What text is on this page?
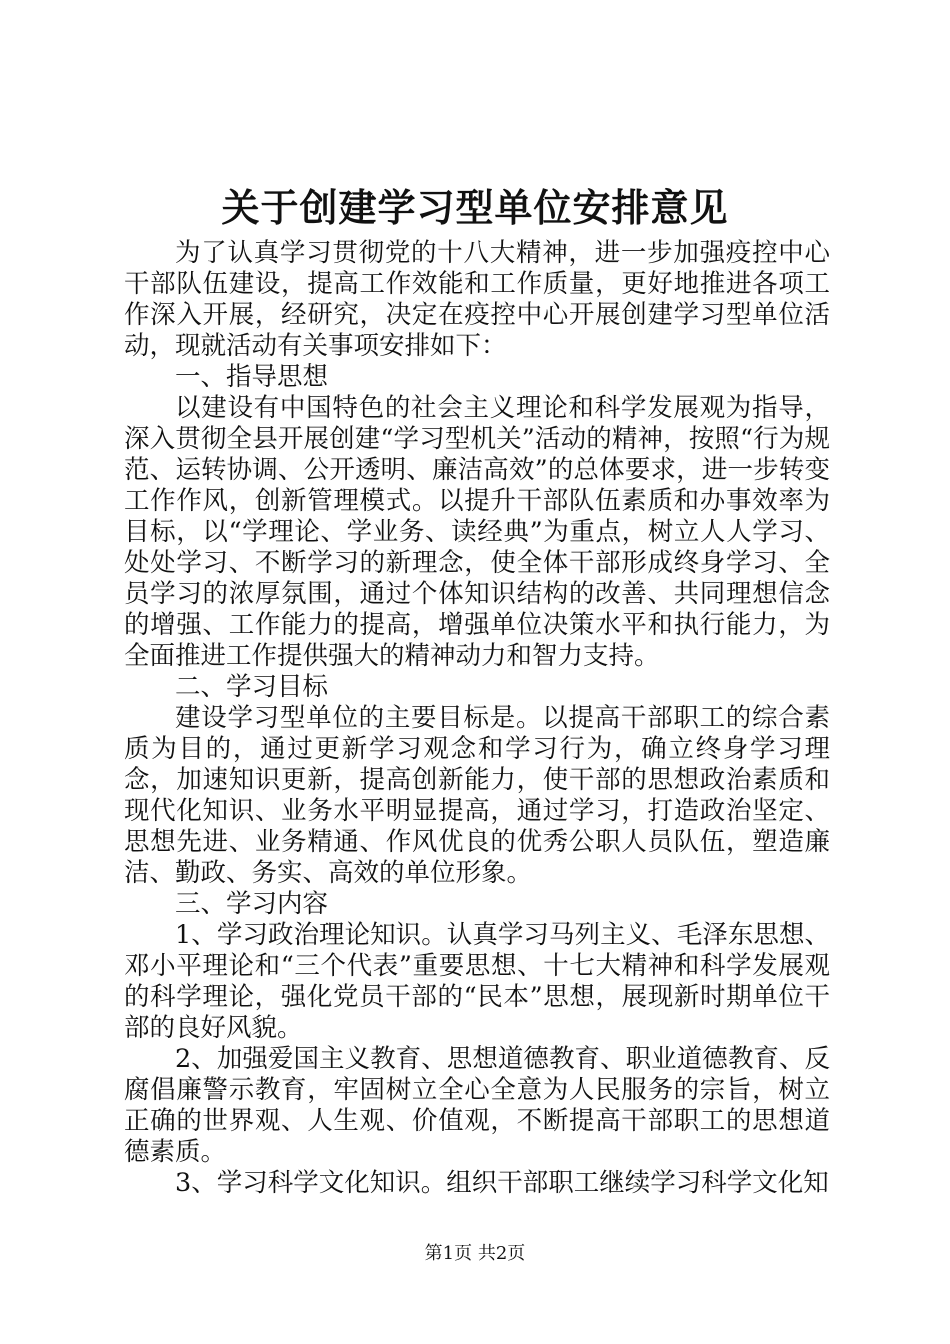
关于创建学习型单位安排意见

为了认真学习贯彻党的十八大精神，进一步加强疫控中心干部队伍建设，提高工作效能和工作质量，更好地推进各项工作深入开展，经研究，决定在疫控中心开展创建学习型单位活动，现就活动有关事项安排如下：

一、指导思想

以建设有中国特色的社会主义理论和科学发展观为指导，深入贯彻全县开展创建“学习型机关”活动的精神，按照“行为规范、运转协调、公开透明、廉洁高效”的总体要求，进一步转变工作作风，创新管理模式。以提升干部队伍素质和办事效率为目标，以“学理论、学业务、读经典”为重点，树立人人学习、处处学习、不断学习的新理念，使全体干部形成终身学习、全员学习的浓厚氛围，通过个体知识结构的改善、共同理想信念的增强、工作能力的提高，增强单位决策水平和执行能力，为全面推进工作提供强大的精神动力和智力支持。

二、学习目标

建设学习型单位的主要目标是。以提高干部职工的综合素质为目的，通过更新学习观念和学习行为，确立终身学习理念，加速知识更新，提高创新能力，使干部的思想政治素质和现代化知识、业务水平明显提高，通过学习，打造政治坚定、思想先进、业务精通、作风优良的优秀公职人员队伍，塑造廉洁、勤政、务实、高效的单位形象。

三、学习内容

1、学习政治理论知识。认真学习马列主义、毛泽东思想、邓小平理论和“三个代表”重要思想、十七大精神和科学发展观的科学理论，强化党员干部的“民本”思想，展现新时期单位干部的良好风貌。

2、加强爱国主义教育、思想道德教育、职业道德教育、反腐倡廉警示教育，牢固树立全心全意为人民服务的宗旨，树立正确的世界观、人生观、价值观，不断提高干部职工的思想道德素质。

3、学习科学文化知识。组织干部职工继续学习科学文化知

第1页 共2页
